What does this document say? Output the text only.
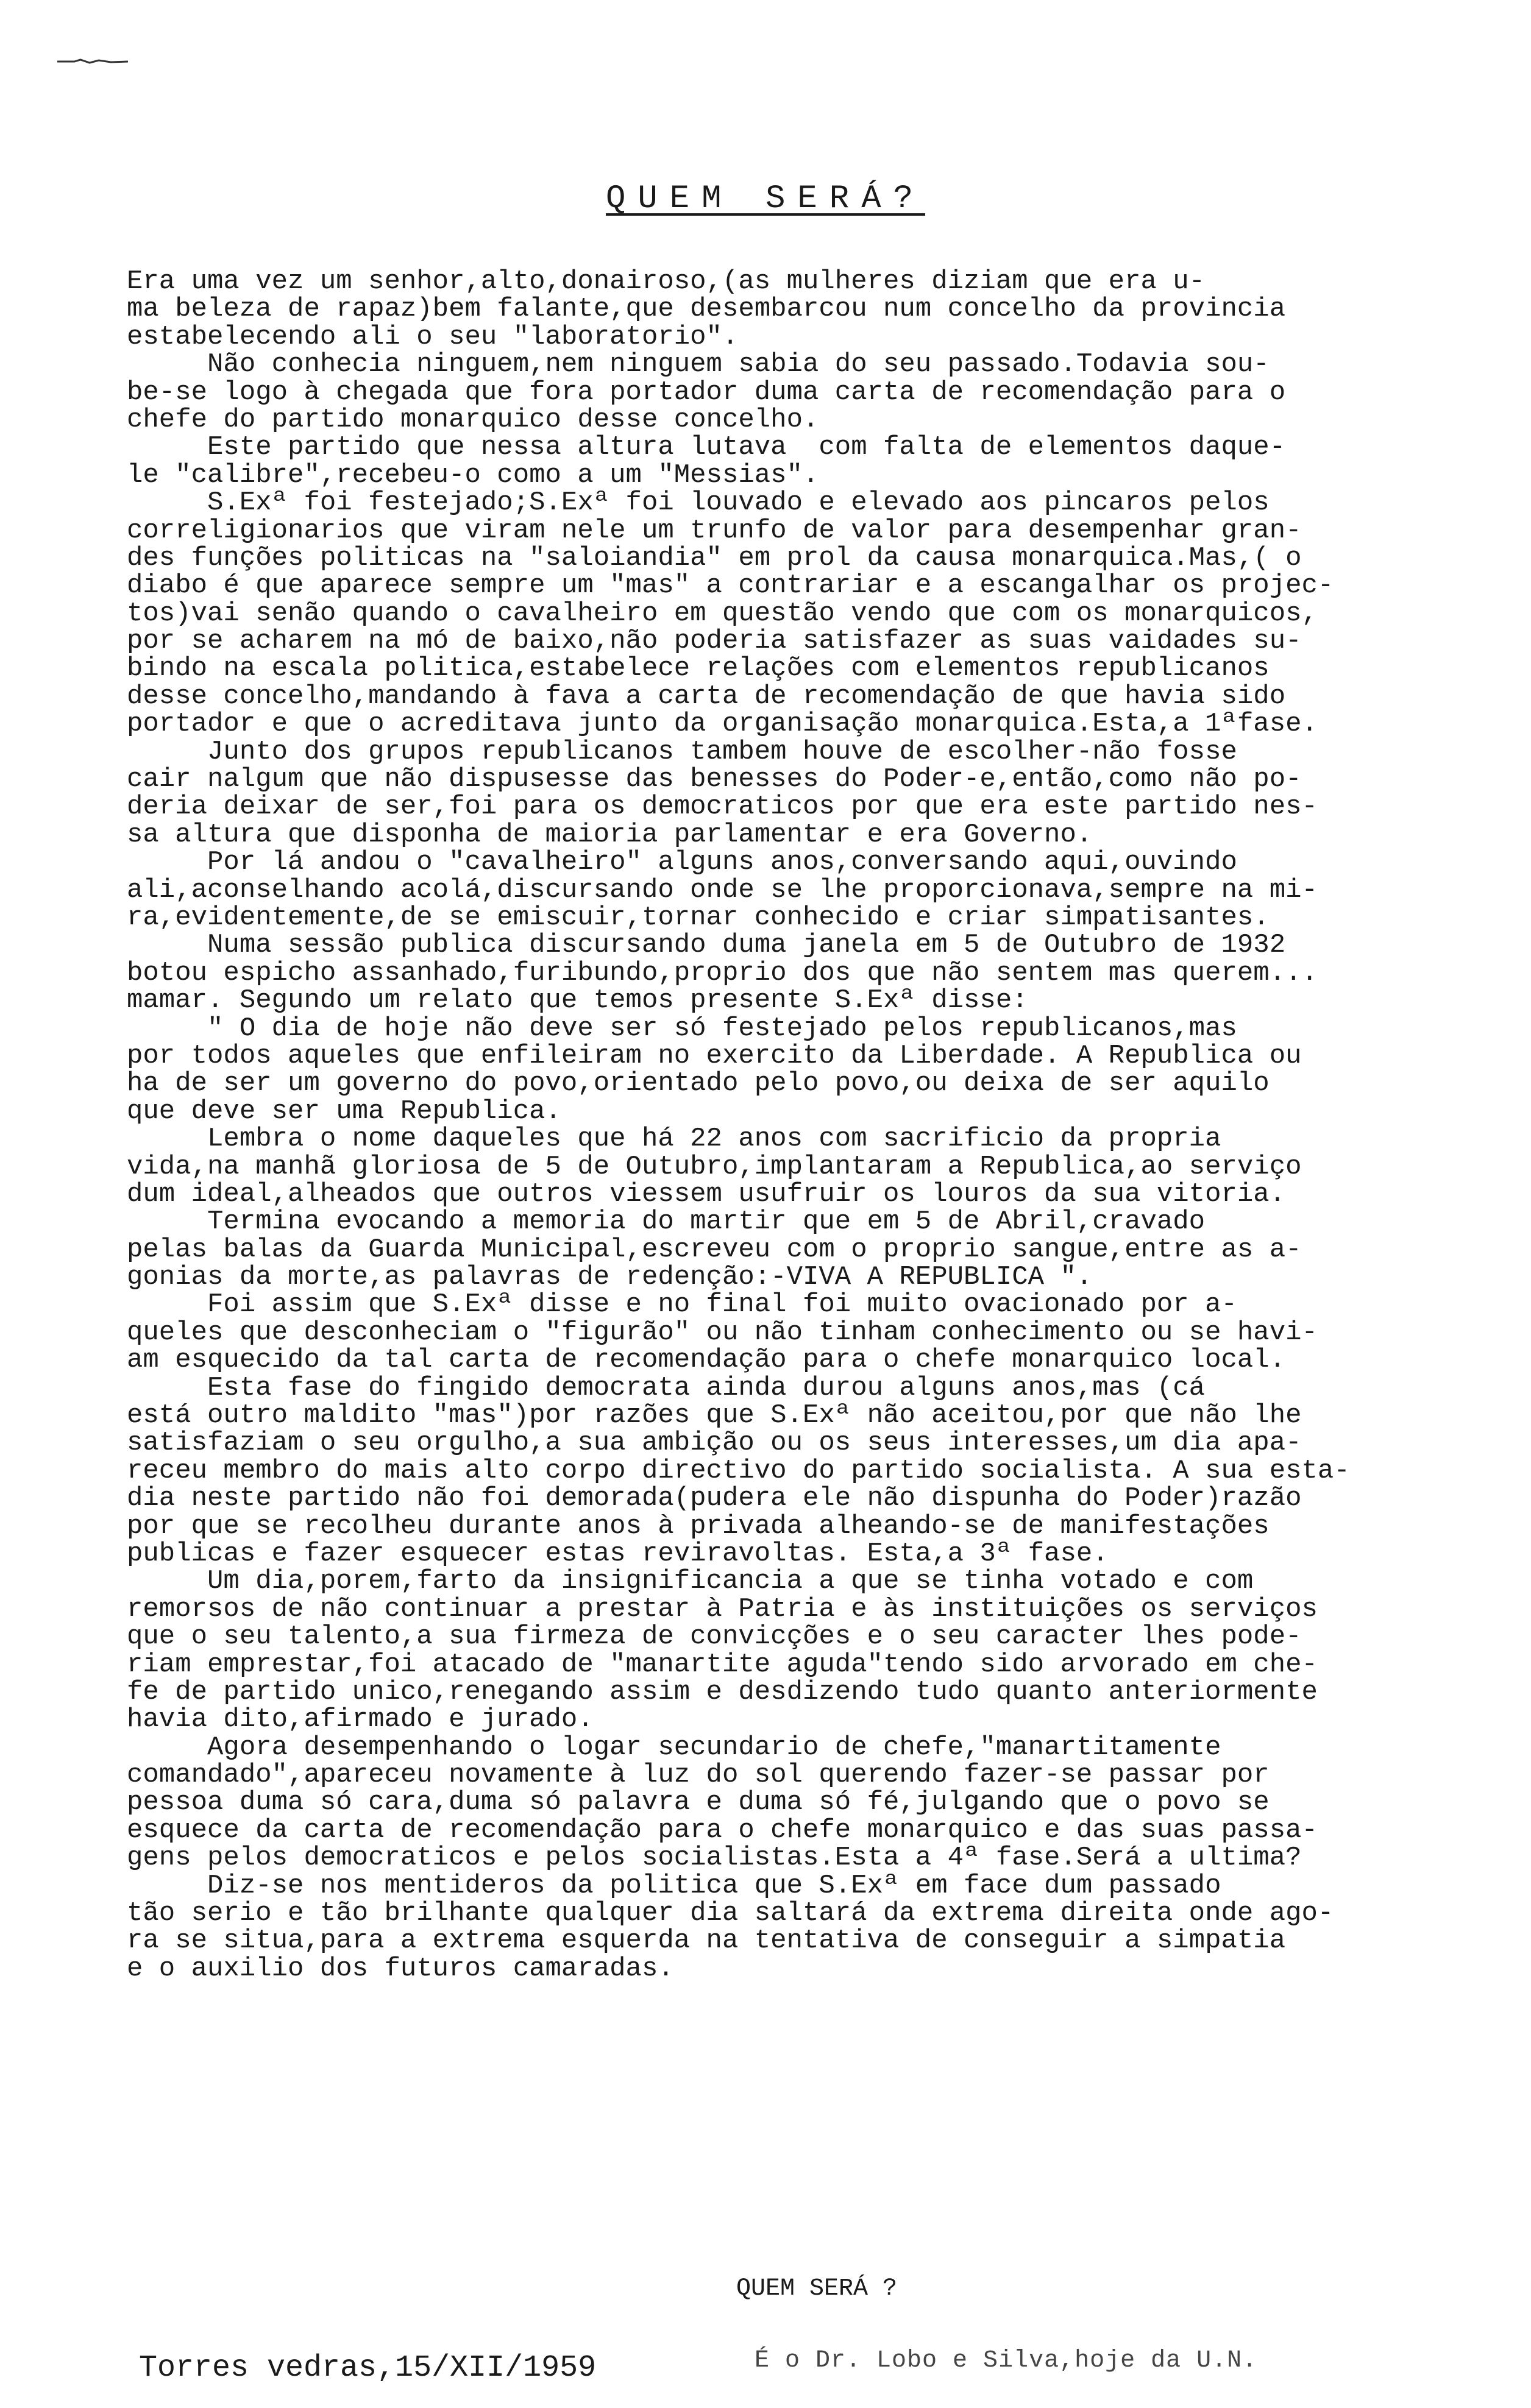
QUEM SERÁ?
Era uma vez um senhor,alto,donairoso,(as mulheres diziam que era u-
ma beleza de rapaz)bem falante,que desembarcou num concelho da provincia
estabelecendo ali o seu "laboratorio".
Não conhecia ninguem,nem ninguem sabia do seu passado.Todavia sou-
be-se logo à chegada que fora portador duma carta de recomendação para o
chefe do partido monarquico desse concelho.
Este partido que nessa altura lutava  com falta de elementos daque-
le "calibre",recebeu-o como a um "Messias".
S.Exª foi festejado;S.Exª foi louvado e elevado aos pincaros pelos
correligionarios que viram nele um trunfo de valor para desempenhar gran-
des funções politicas na "saloiandia" em prol da causa monarquica.Mas,( o
diabo é que aparece sempre um "mas" a contrariar e a escangalhar os projec-
tos)vai senão quando o cavalheiro em questão vendo que com os monarquicos,
por se acharem na mó de baixo,não poderia satisfazer as suas vaidades su-
bindo na escala politica,estabelece relações com elementos republicanos
desse concelho,mandando à fava a carta de recomendação de que havia sido
portador e que o acreditava junto da organisação monarquica.Esta,a 1ªfase.
Junto dos grupos republicanos tambem houve de escolher-não fosse
cair nalgum que não dispusesse das benesses do Poder-e,então,como não po-
deria deixar de ser,foi para os democraticos por que era este partido nes-
sa altura que disponha de maioria parlamentar e era Governo.
Por lá andou o "cavalheiro" alguns anos,conversando aqui,ouvindo
ali,aconselhando acolá,discursando onde se lhe proporcionava,sempre na mi-
ra,evidentemente,de se emiscuir,tornar conhecido e criar simpatisantes.
Numa sessão publica discursando duma janela em 5 de Outubro de 1932
botou espicho assanhado,furibundo,proprio dos que não sentem mas querem...
mamar. Segundo um relato que temos presente S.Exª disse:
" O dia de hoje não deve ser só festejado pelos republicanos,mas
por todos aqueles que enfileiram no exercito da Liberdade. A Republica ou
ha de ser um governo do povo,orientado pelo povo,ou deixa de ser aquilo
que deve ser uma Republica.
Lembra o nome daqueles que há 22 anos com sacrificio da propria
vida,na manhã gloriosa de 5 de Outubro,implantaram a Republica,ao serviço
dum ideal,alheados que outros viessem usufruir os louros da sua vitoria.
Termina evocando a memoria do martir que em 5 de Abril,cravado
pelas balas da Guarda Municipal,escreveu com o proprio sangue,entre as a-
gonias da morte,as palavras de redenção:-VIVA A REPUBLICA ".
Foi assim que S.Exª disse e no final foi muito ovacionado por a-
queles que desconheciam o "figurão" ou não tinham conhecimento ou se havi-
am esquecido da tal carta de recomendação para o chefe monarquico local.
Esta fase do fingido democrata ainda durou alguns anos,mas (cá
está outro maldito "mas")por razões que S.Exª não aceitou,por que não lhe
satisfaziam o seu orgulho,a sua ambição ou os seus interesses,um dia apa-
receu membro do mais alto corpo directivo do partido socialista. A sua esta-
dia neste partido não foi demorada(pudera ele não dispunha do Poder)razão
por que se recolheu durante anos à privada alheando-se de manifestações
publicas e fazer esquecer estas reviravoltas. Esta,a 3ª fase.
Um dia,porem,farto da insignificancia a que se tinha votado e com
remorsos de não continuar a prestar à Patria e às instituições os serviços
que o seu talento,a sua firmeza de convicções e o seu caracter lhes pode-
riam emprestar,foi atacado de "manartite aguda"tendo sido arvorado em che-
fe de partido unico,renegando assim e desdizendo tudo quanto anteriormente
havia dito,afirmado e jurado.
Agora desempenhando o logar secundario de chefe,"manartitamente
comandado",apareceu novamente à luz do sol querendo fazer-se passar por
pessoa duma só cara,duma só palavra e duma só fé,julgando que o povo se
esquece da carta de recomendação para o chefe monarquico e das suas passa-
gens pelos democraticos e pelos socialistas.Esta a 4ª fase.Será a ultima?
Diz-se nos mentideros da politica que S.Exª em face dum passado
tão serio e tão brilhante qualquer dia saltará da extrema direita onde ago-
ra se situa,para a extrema esquerda na tentativa de conseguir a simpatia
e o auxilio dos futuros camaradas.
QUEM SERÁ ?
Torres vedras,15/XII/1959	É o Dr. Lobo e Silva,hoje da U.N.
